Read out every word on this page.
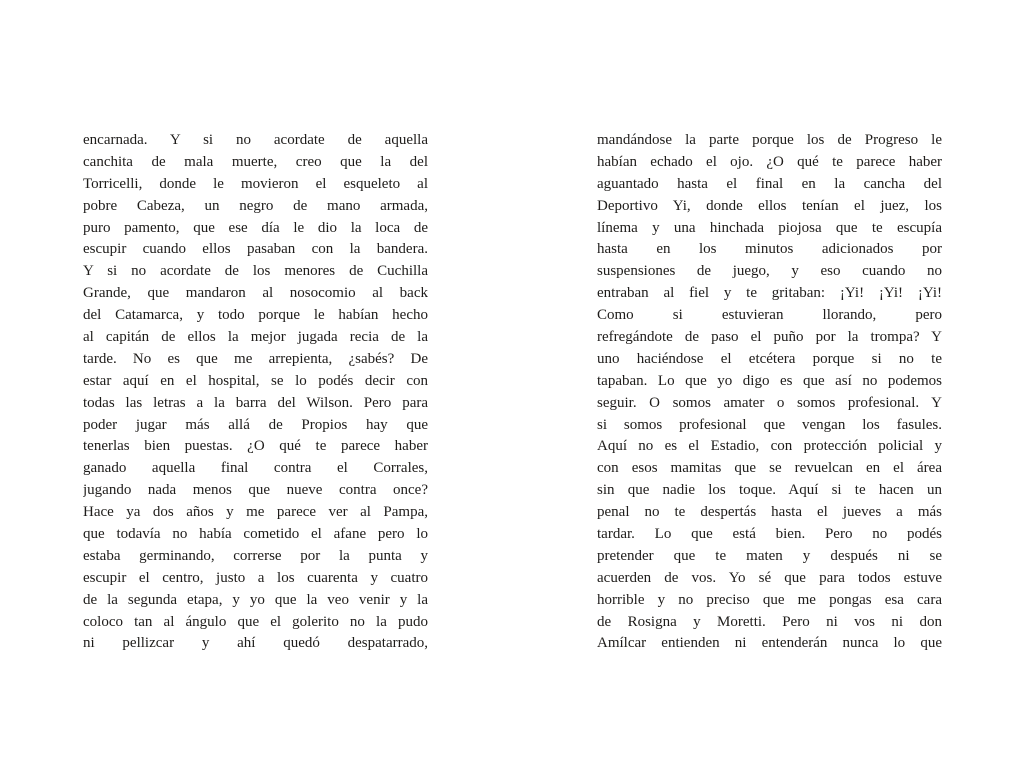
encarnada. Y si no acordate de aquella
canchita de mala muerte, creo que la del
Torricelli, donde le movieron el esqueleto al
pobre Cabeza, un negro de mano armada,
puro pamento, que ese día le dio la loca de
escupir cuando ellos pasaban con la bandera.
Y si no acordate de los menores de Cuchilla
Grande, que mandaron al nosocomio al back
del Catamarca, y todo porque le habían hecho
al capitán de ellos la mejor jugada recia de la
tarde. No es que me arrepienta, ¿sabés? De
estar aquí en el hospital, se lo podés decir con
todas las letras a la barra del Wilson. Pero para
poder jugar más allá de Propios hay que
tenerlas bien puestas. ¿O qué te parece haber
ganado aquella final contra el Corrales,
jugando nada menos que nueve contra once?
Hace ya dos años y me parece ver al Pampa,
que todavía no había cometido el afane pero lo
estaba germinando, correrse por la punta y
escupir el centro, justo a los cuarenta y cuatro
de la segunda etapa, y yo que la veo venir y la
coloco tan al ángulo que el golerito no la pudo
ni pellizcar y ahí quedó despatarrado,
mandándose la parte porque los de Progreso le
habían echado el ojo. ¿O qué te parece haber
aguantado hasta el final en la cancha del
Deportivo Yi, donde ellos tenían el juez, los
línema y una hinchada piojosa que te escupía
hasta en los minutos adicionados por
suspensiones de juego, y eso cuando no
entraban al fiel y te gritaban: ¡Yi! ¡Yi! ¡Yi!
Como si estuvieran llorando, pero
refregándote de paso el puño por la trompa? Y
uno haciéndose el etcétera porque si no te
tapaban. Lo que yo digo es que así no podemos
seguir. O somos amater o somos profesional. Y
si somos profesional que vengan los fasules.
Aquí no es el Estadio, con protección policial y
con esos mamitas que se revuelcan en el área
sin que nadie los toque. Aquí si te hacen un
penal no te despertás hasta el jueves a más
tardar. Lo que está bien. Pero no podés
pretender que te maten y después ni se
acuerden de vos. Yo sé que para todos estuve
horrible y no preciso que me pongas esa cara
de Rosigna y Moretti. Pero ni vos ni don
Amílcar entienden ni entenderán nunca lo que
